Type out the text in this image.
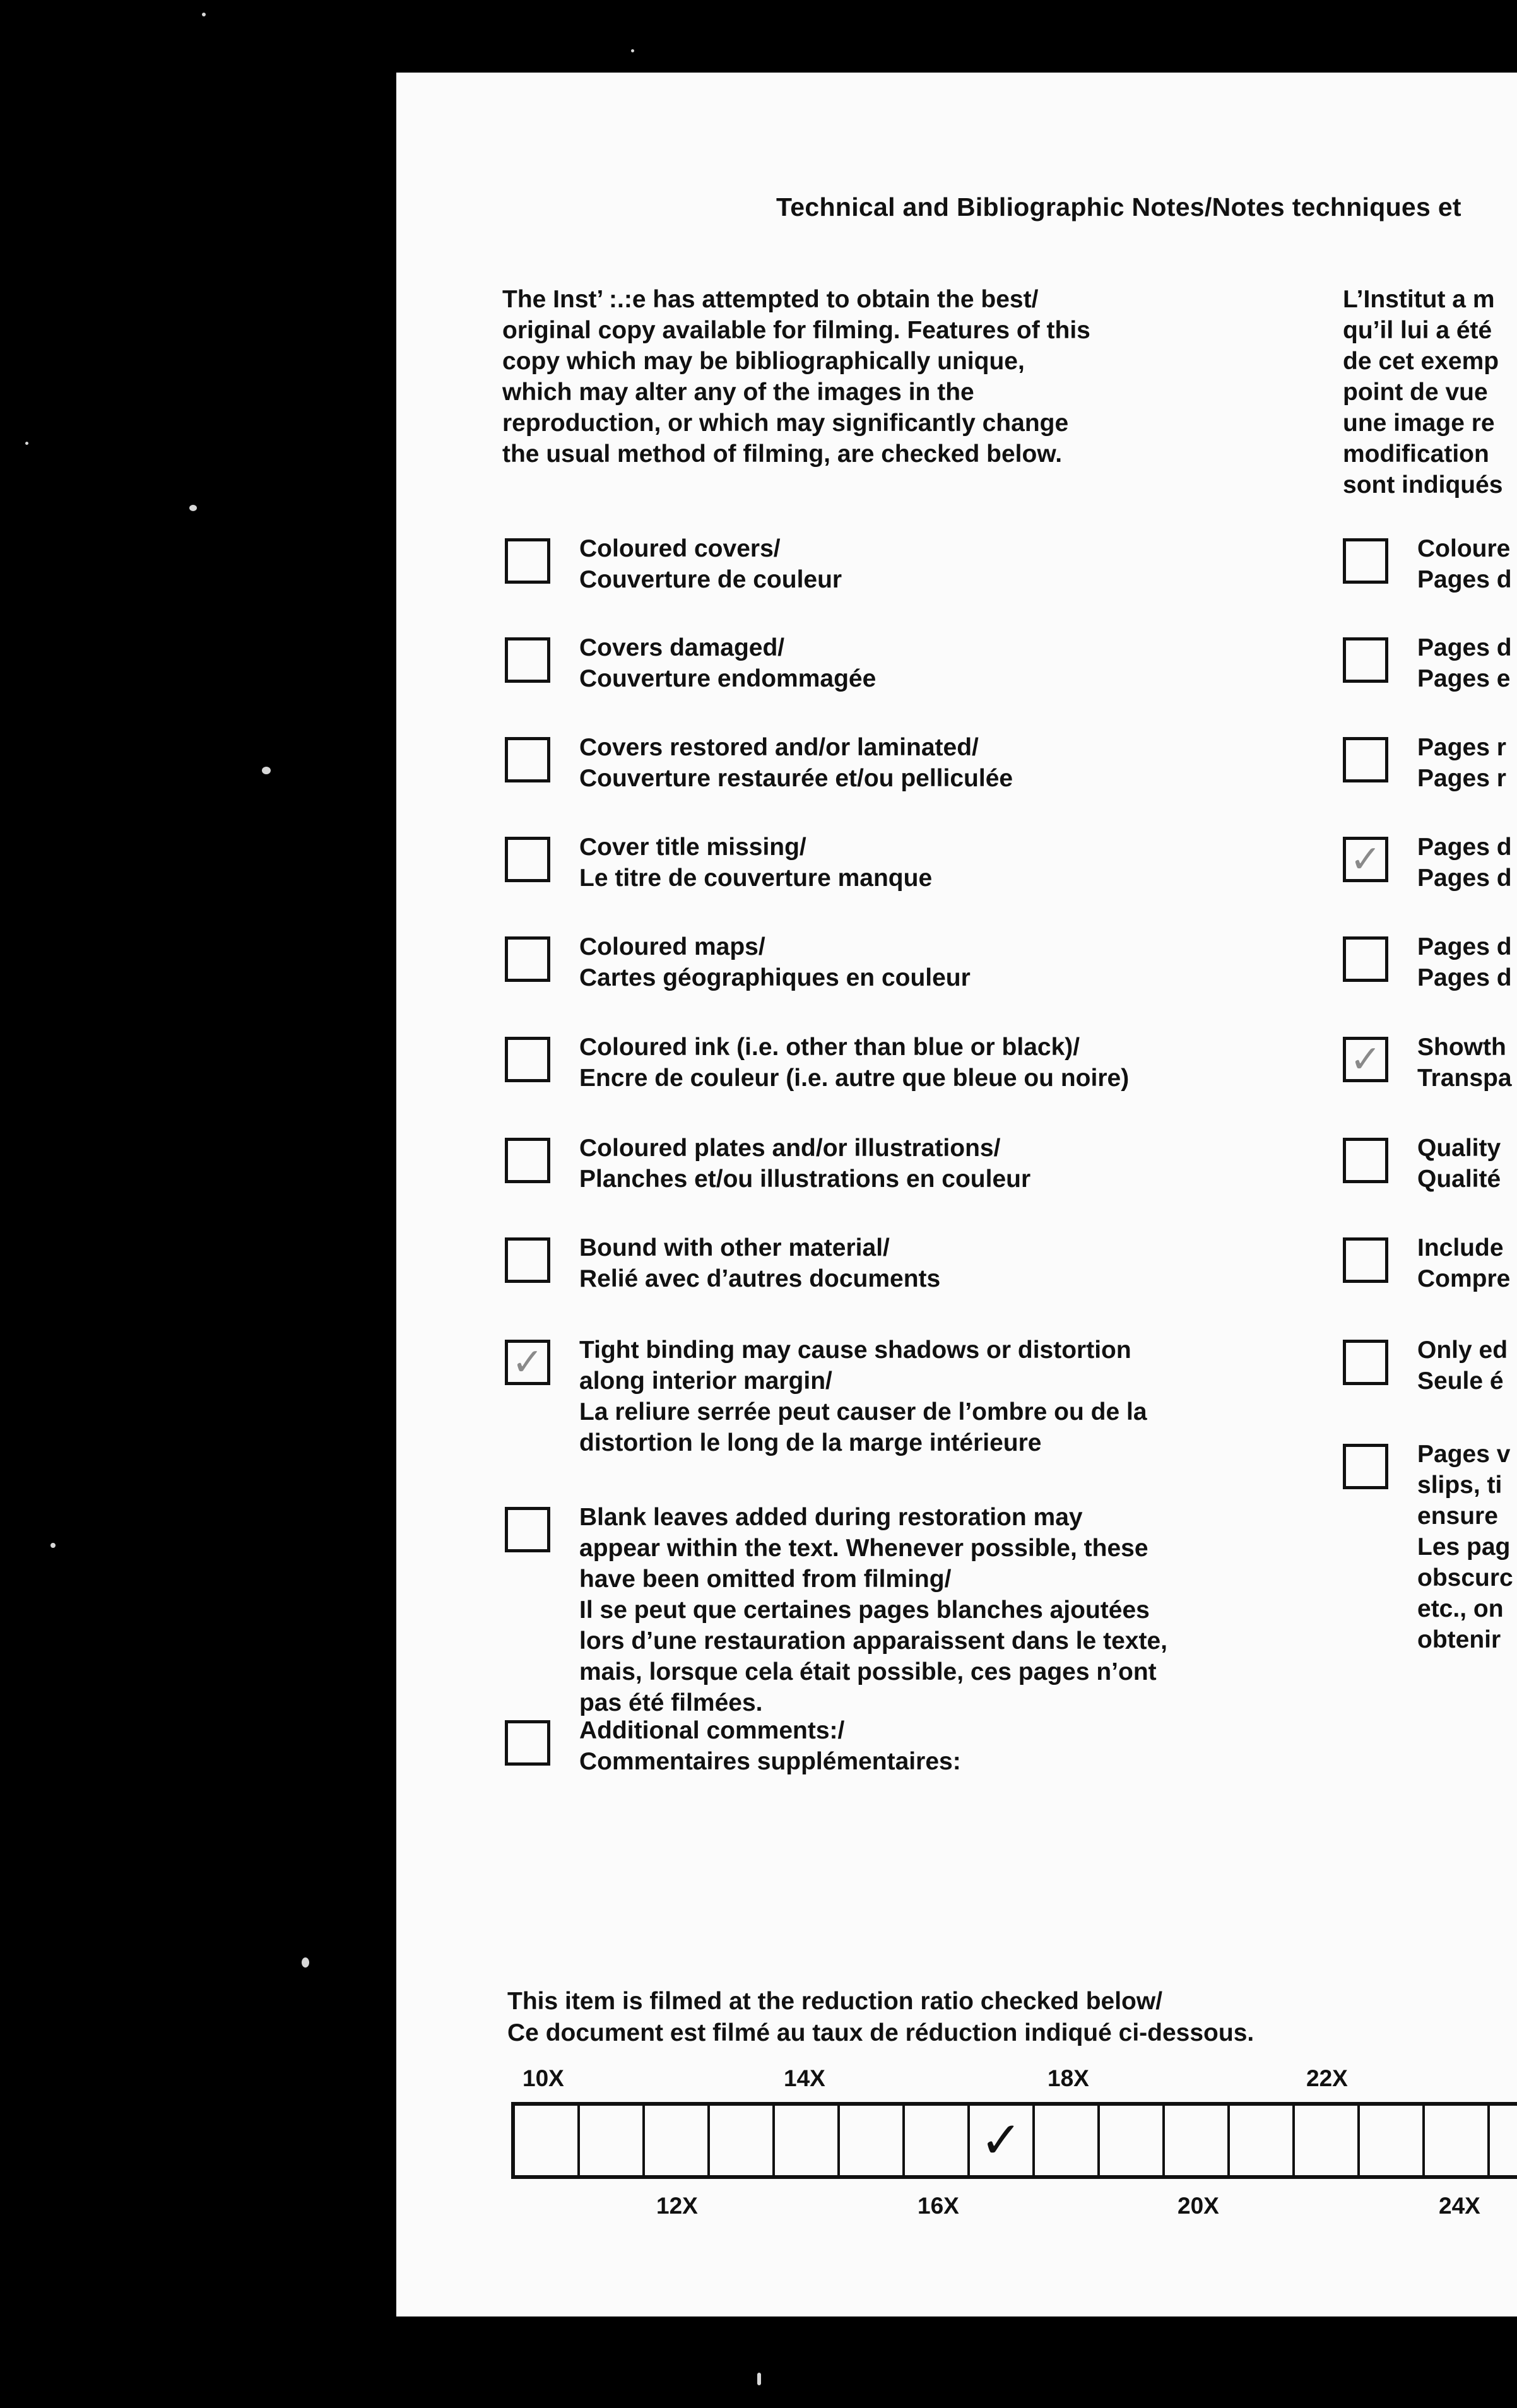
Technical and Bibliographic Notes/Notes techniques et
The Inst’ :.:e has attempted to obtain the best/
original copy available for filming. Features of this
copy which may be bibliographically unique,
which may alter any of the images in the
reproduction, or which may significantly change
the usual method of filming, are checked below.
L’Institut a m
qu’il lui a été
de cet exemp
point de vue
une image re
modification
sont indiqués
Coloured covers/
Couverture de couleur
Covers damaged/
Couverture endommagée
Covers restored and/or laminated/
Couverture restaurée et/ou pelliculée
Cover title missing/
Le titre de couverture manque
Coloured maps/
Cartes géographiques en couleur
Coloured ink (i.e. other than blue or black)/
Encre de couleur (i.e. autre que bleue ou noire)
Coloured plates and/or illustrations/
Planches et/ou illustrations en couleur
Bound with other material/
Relié avec d’autres documents
✓ Tight binding may cause shadows or distortion
along interior margin/
La reliure serrée peut causer de l’ombre ou de la
distortion le long de la marge intérieure
Blank leaves added during restoration may
appear within the text. Whenever possible, these
have been omitted from filming/
Il se peut que certaines pages blanches ajoutées
lors d’une restauration apparaissent dans le texte,
mais, lorsque cela était possible, ces pages n’ont
pas été filmées.
Additional comments:/
Commentaires supplémentaires:
Coloure
Pages d
Pages d
Pages e
Pages r
Pages r
✓ Pages d
Pages d
Pages d
Pages d
✓ Showth
Transpa
Quality
Qualité
Include
Compre
Only ed
Seule é
Pages v
slips, ti
ensure
Les pag
obscurc
etc., on
obtenir
This item is filmed at the reduction ratio checked below/
Ce document est filmé au taux de réduction indiqué ci-dessous.
10X	14X	18X	22X
✓
12X	16X	20X	24X
